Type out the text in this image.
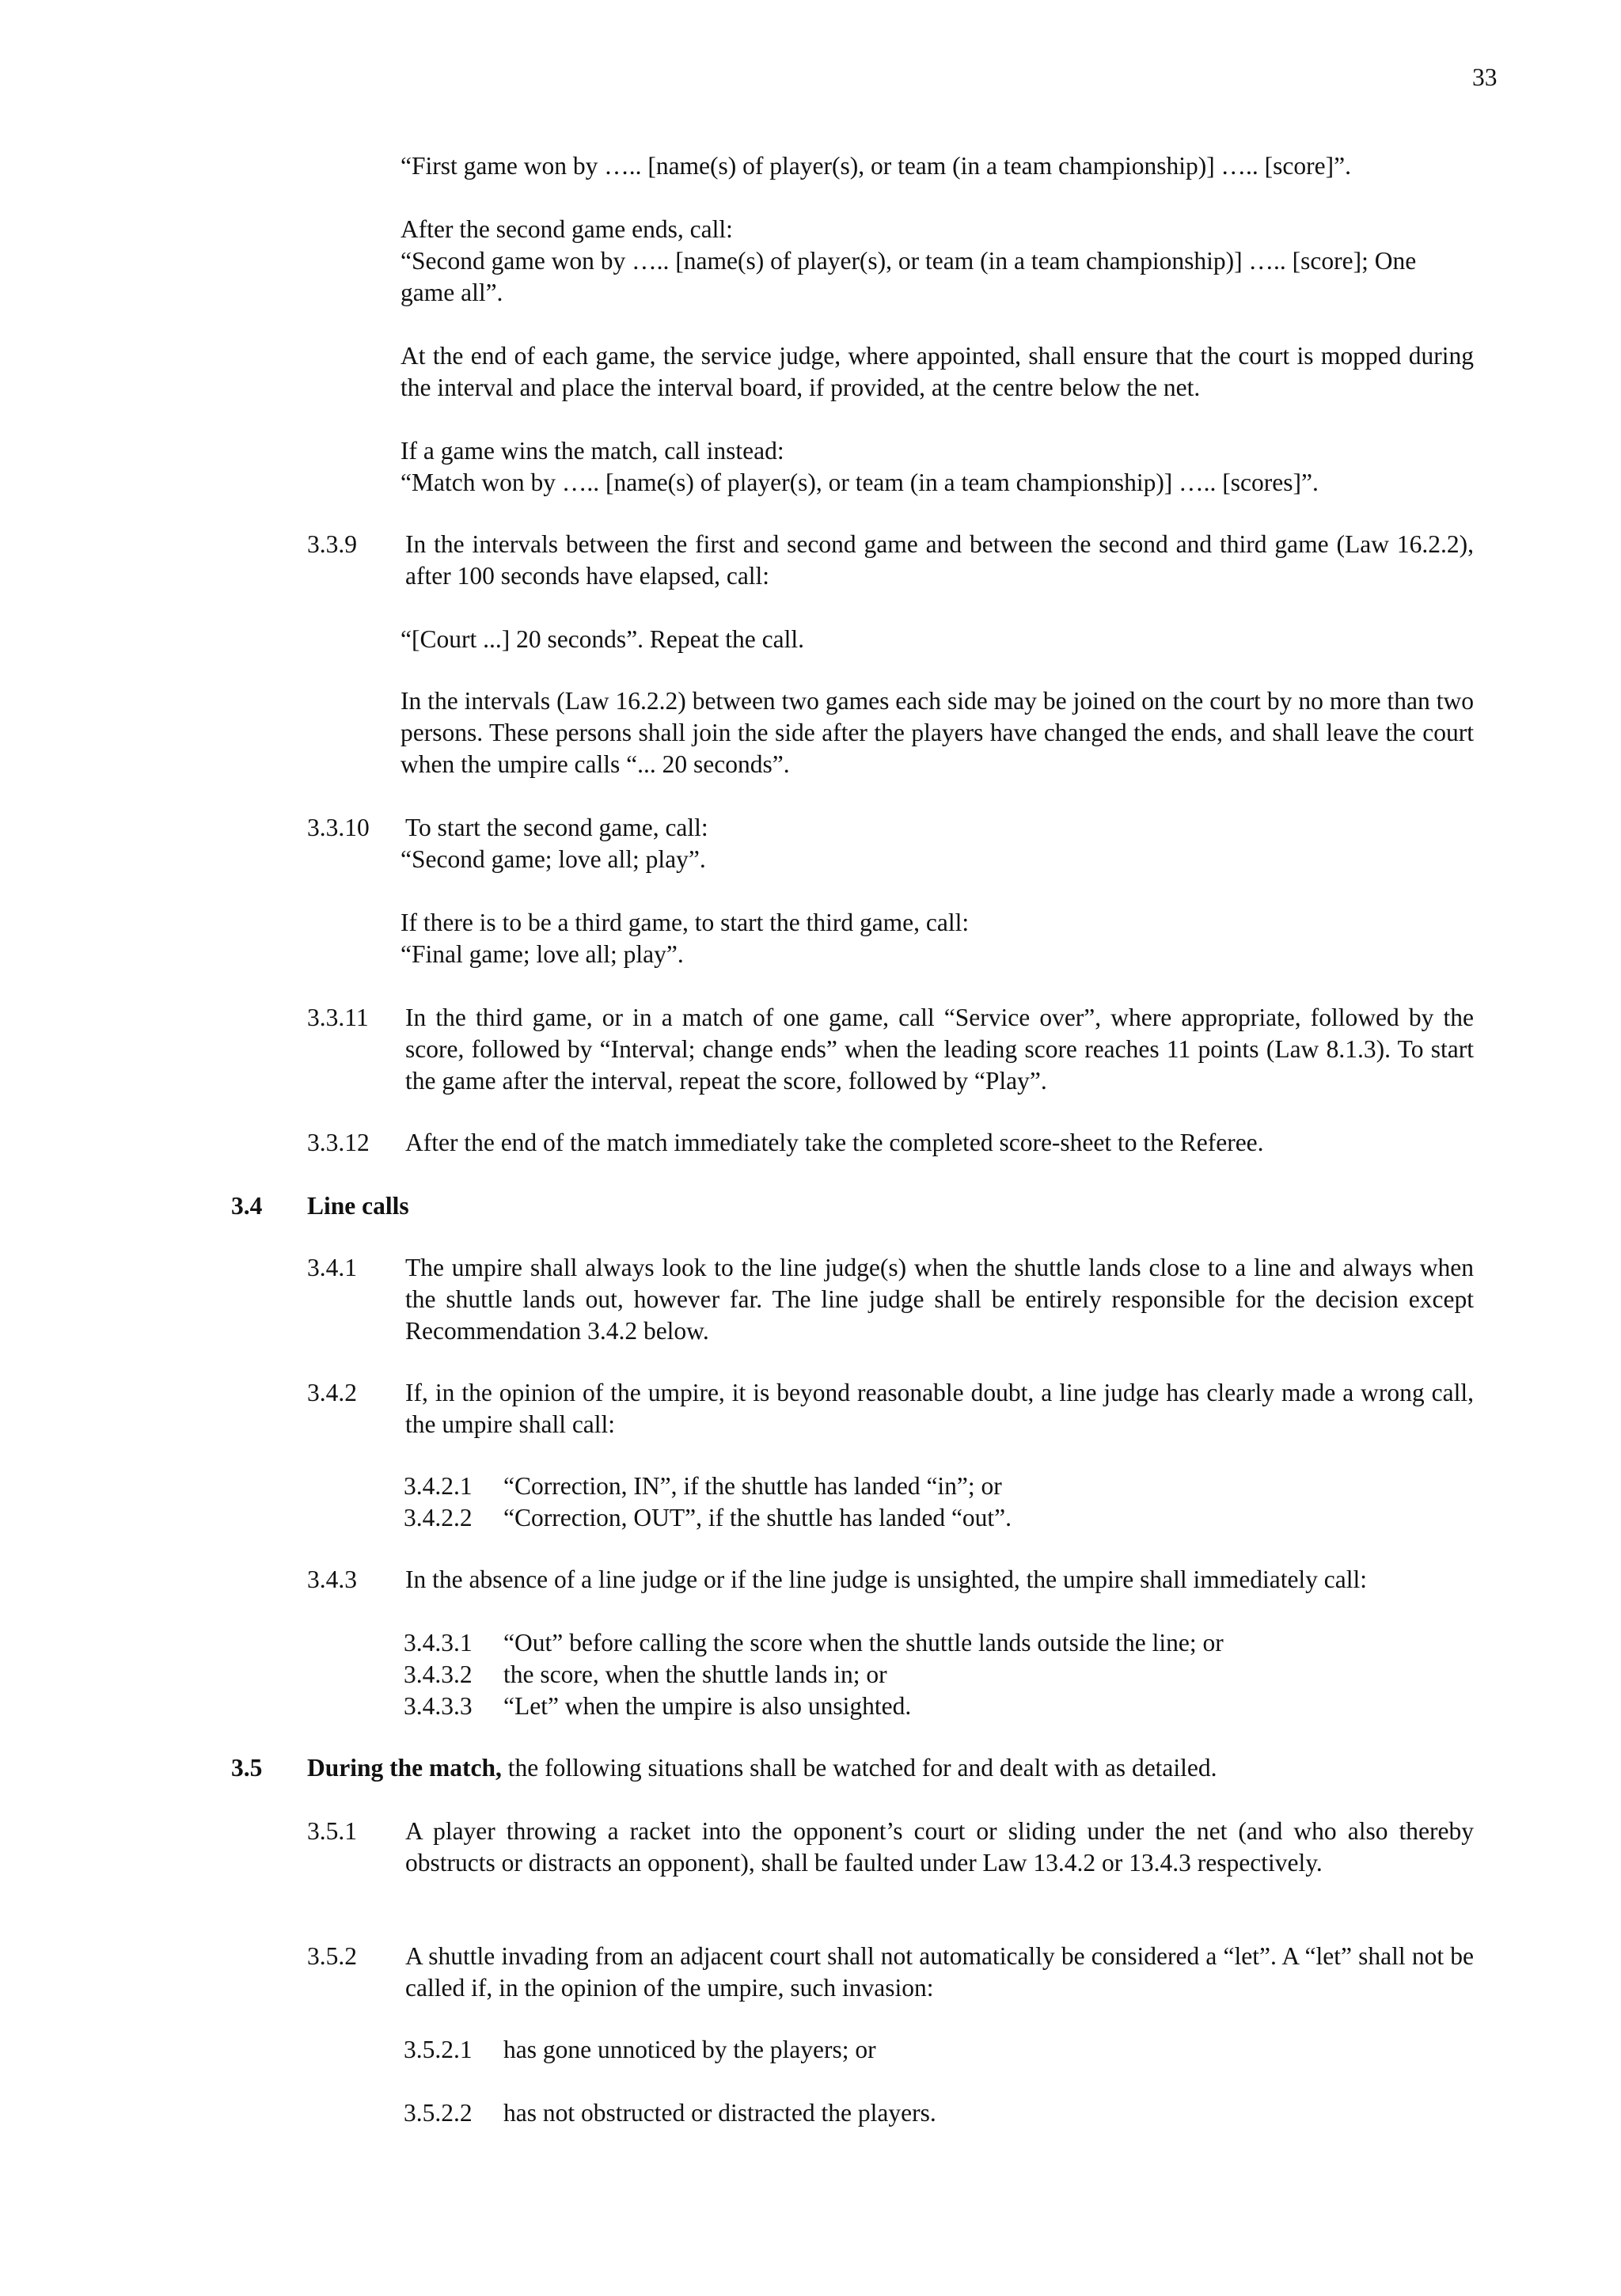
33

“First game won by ….. [name(s) of player(s), or team (in a team championship)] ….. [score]”.

After the second game ends, call:

“Second game won by ….. [name(s) of player(s), or team (in a team championship)] ….. [score]; One game all”.

At the end of each game, the service judge, where appointed, shall ensure that the court is mopped during the interval and place the interval board, if provided, at the centre below the net.

If a game wins the match, call instead:

“Match won by ….. [name(s) of player(s), or team (in a team championship)] ….. [scores]”.

3.3.9	In the intervals between the first and second game and between the second and third game (Law 16.2.2), after 100 seconds have elapsed, call:

“[Court ...] 20 seconds”. Repeat the call.

In the intervals (Law 16.2.2) between two games each side may be joined on the court by no more than two persons. These persons shall join the side after the players have changed the ends, and shall leave the court when the umpire calls “... 20 seconds”.

3.3.10	To start the second game, call:

“Second game; love all; play”.

If there is to be a third game, to start the third game, call:

“Final game; love all; play”.

3.3.11	In the third game, or in a match of one game, call “Service over”, where appropriate, followed by the score, followed by “Interval; change ends” when the leading score reaches 11 points (Law 8.1.3). To start the game after the interval, repeat the score, followed by “Play”.
3.3.12	After the end of the match immediately take the completed score-sheet to the Referee.
3.4	Line calls
3.4.1	The umpire shall always look to the line judge(s) when the shuttle lands close to a line and always when the shuttle lands out, however far. The line judge shall be entirely responsible for the decision except Recommendation 3.4.2 below.
3.4.2	If, in the opinion of the umpire, it is beyond reasonable doubt, a line judge has clearly made a wrong call, the umpire shall call:
3.4.2.1	“Correction, IN”, if the shuttle has landed “in”; or
3.4.2.2	“Correction, OUT”, if the shuttle has landed “out”.
3.4.3	In the absence of a line judge or if the line judge is unsighted, the umpire shall immediately call:
3.4.3.1	“Out” before calling the score when the shuttle lands outside the line; or
3.4.3.2	the score, when the shuttle lands in; or
3.4.3.3	“Let” when the umpire is also unsighted.
3.5	During the match, the following situations shall be watched for and dealt with as detailed.
3.5.1	A player throwing a racket into the opponent’s court or sliding under the net (and who also thereby obstructs or distracts an opponent), shall be faulted under Law 13.4.2 or 13.4.3 respectively.
3.5.2	A shuttle invading from an adjacent court shall not automatically be considered a “let”. A “let” shall not be called if, in the opinion of the umpire, such invasion:
3.5.2.1	has gone unnoticed by the players; or
3.5.2.2	has not obstructed or distracted the players.
